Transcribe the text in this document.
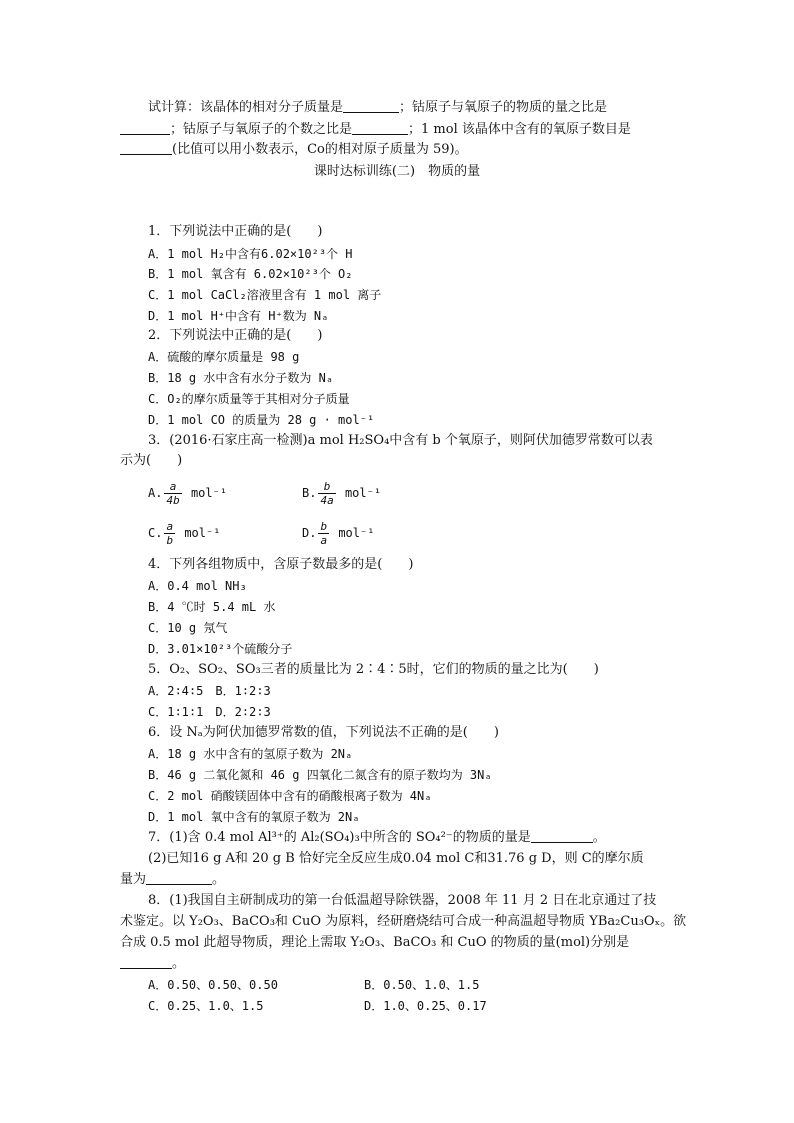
试计算：该晶体的相对分子质量是	；钴原子与氧原子的物质的量之比是
；钴原子与氧原子的个数之比是	；1 mol 该晶体中含有的氧原子数目是
(比值可以用小数表示，Co的相对原子质量为 59)。
课时达标训练(二)　物质的量
1．下列说法中正确的是(　　)
A．1 mol H₂中含有6.02×10²³个 H
B．1 mol 氧含有 6.02×10²³个 O₂
C．1 mol CaCl₂溶液里含有 1 mol 离子
D．1 mol H⁺中含有 H⁺数为 Nₐ
2．下列说法中正确的是(　　)
A．硫酸的摩尔质量是 98 g
B．18 g 水中含有水分子数为 Nₐ
C．O₂的摩尔质量等于其相对分子质量
D．1 mol CO 的质量为 28 g · mol⁻¹
3．(2016·石家庄高一检测)a mol H₂SO₄中含有 b 个氧原子，则阿伏加德罗常数可以表
示为(　　)
A. $\frac{a}{4b} mol^{-1}$	B. $\frac{b}{4a} mol^{-1}$
C. $\frac{a}{b} mol^{-1}$	D. $\frac{b}{a} mol^{-1}$
4．下列各组物质中，含原子数最多的是(　　)
A．0.4 mol NH₃
B．4 ℃时 5.4 mL 水
C．10 g 氖气
D．3.01×10²³个硫酸分子
5．O₂、SO₂、SO₃三者的质量比为 2∶4∶5时，它们的物质的量之比为(　　)
A．2∶4∶5　B．1∶2∶3
C．1∶1∶1　D．2∶2∶3
6．设 Nₐ为阿伏加德罗常数的值，下列说法不正确的是(　　)
A．18 g 水中含有的氢原子数为 2Nₐ
B．46 g 二氧化氮和 46 g 四氧化二氮含有的原子数均为 3Nₐ
C．2 mol 硝酸镁固体中含有的硝酸根离子数为 4Nₐ
D．1 mol 氧中含有的氧原子数为 2Nₐ
7．(1)含 0.4 mol Al³⁺的 Al₂(SO₄)₃中所含的 SO₄²⁻的物质的量是	。
(2)已知16 g A和 20 g B 恰好完全反应生成0.04 mol C和31.76 g D，则 C的摩尔质
量为	。
8．(1)我国自主研制成功的第一台低温超导除铁器，2008 年 11 月 2 日在北京通过了技
术鉴定。以 Y₂O₃、BaCO₃和 CuO 为原料，经研磨烧结可合成一种高温超导物质 YBa₂Cu₃Oₓ。欲
合成 0.5 mol 此超导物质，理论上需取 Y₂O₃、BaCO₃ 和 CuO 的物质的量(mol)分别是
。
A．0.50、0.50、0.50	B．0.50、1.0、1.5
C．0.25、1.0、1.5	D．1.0、0.25、0.17
